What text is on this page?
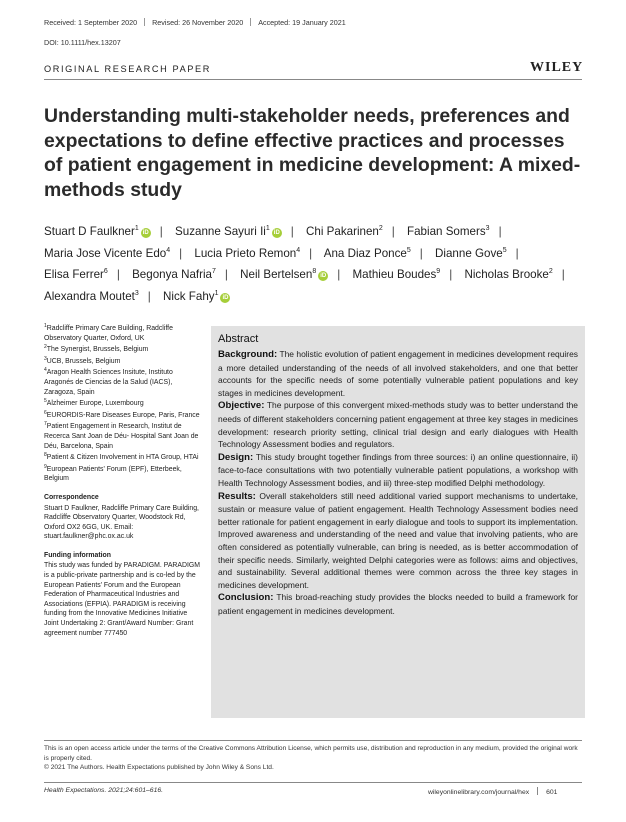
Received: 1 September 2020 Revised: 26 November 2020 Accepted: 19 January 2021
DOI: 10.1111/hex.13207
ORIGINAL RESEARCH PAPER	WILEY
Understanding multi-stakeholder needs, preferences and expectations to define effective practices and processes of patient engagement in medicine development: A mixed-methods study
Stuart D Faulkner$^1$iD | Suzanne Sayuri Ii$^1$iD | Chi Pakarinen$^2$ | Fabian Somers$^3$ | Maria Jose Vicente Edo$^4$ | Lucia Prieto Remon$^4$ | Ana Diaz Ponce$^5$ | Dianne Gove$^5$ | Elisa Ferrer$^6$ | Begonya Nafria$^7$ | Neil Bertelsen$^8$iD | Mathieu Boudes$^9$ | Nicholas Brooke$^2$ | Alexandra Moutet$^3$ | Nick Fahy$^1$iD
$^1$Radcliffe Primary Care Building, Radcliffe Observatory Quarter, Oxford, UK
$^2$The Synergist, Brussels, Belgium
$^3$UCB, Brussels, Belgium
$^4$Aragon Health Sciences Insitute, Instituto Aragonés de Ciencias de la Salud (IACS), Zaragoza, Spain
$^5$Alzheimer Europe, Luxembourg
$^6$EURORDIS-Rare Diseases Europe, Paris, France
$^7$Patient Engagement in Research, Institut de Recerca Sant Joan de Déu- Hospital Sant Joan de Déu, Barcelona, Spain
$^8$Patient & Citizen Involvement in HTA Group, HTAi
$^9$European Patients' Forum (EPF), Etterbeek, Belgium
Correspondence
Stuart D Faulkner, Radcliffe Primary Care Building, Radcliffe Observatory Quarter, Woodstock Rd, Oxford OX2 6GG, UK. Email: stuart.faulkner@phc.ox.ac.uk
Funding information
This study was funded by PARADIGM. PARADIGM is a public-private partnership and is co-led by the European Patients' Forum and the European Federation of Pharmaceutical Industries and Associations (EFPIA). PARADIGM is receiving funding from the Innovative Medicines Initiative Joint Undertaking 2: Grant/Award Number: Grant agreement number 777450
Abstract

Background: The holistic evolution of patient engagement in medicines development requires a more detailed understanding of the needs of all involved stakeholders, and one that better accounts for the specific needs of some potentially vulnerable patient populations and key stages in medicines development.

Objective: The purpose of this convergent mixed-methods study was to better understand the needs of different stakeholders concerning patient engagement at three key stages in medicines development: research priority setting, clinical trial design and early dialogues with Health Technology Assessment bodies and regulators.

Design: This study brought together findings from three sources: i) an online questionnaire, ii) face-to-face consultations with two potentially vulnerable patient populations, a workshop with Health Technology Assessment bodies, and iii) three-step modified Delphi methodology.

Results: Overall stakeholders still need additional varied support mechanisms to undertake, sustain or measure value of patient engagement. Health Technology Assessment bodies need better rationale for patient engagement in early dialogue and tools to support its implementation. Improved awareness and understanding of the need and value that involving patients, who are often considered as potentially vulnerable, can bring is needed, as is better accommodation of their specific needs. Similarly, weighted Delphi categories were as follows: aims and objectives, and sustainability. Several additional themes were common across the three key stages in medicines development.

Conclusion: This broad-reaching study provides the blocks needed to build a framework for patient engagement in medicines development.

This is an open access article under the terms of the Creative Commons Attribution License, which permits use, distribution and reproduction in any medium, provided the original work is properly cited.
© 2021 The Authors. Health Expectations published by John Wiley & Sons Ltd.
Health Expectations. 2021;24:601–616.	wileyonlinelibrary.com/journal/hex	601
